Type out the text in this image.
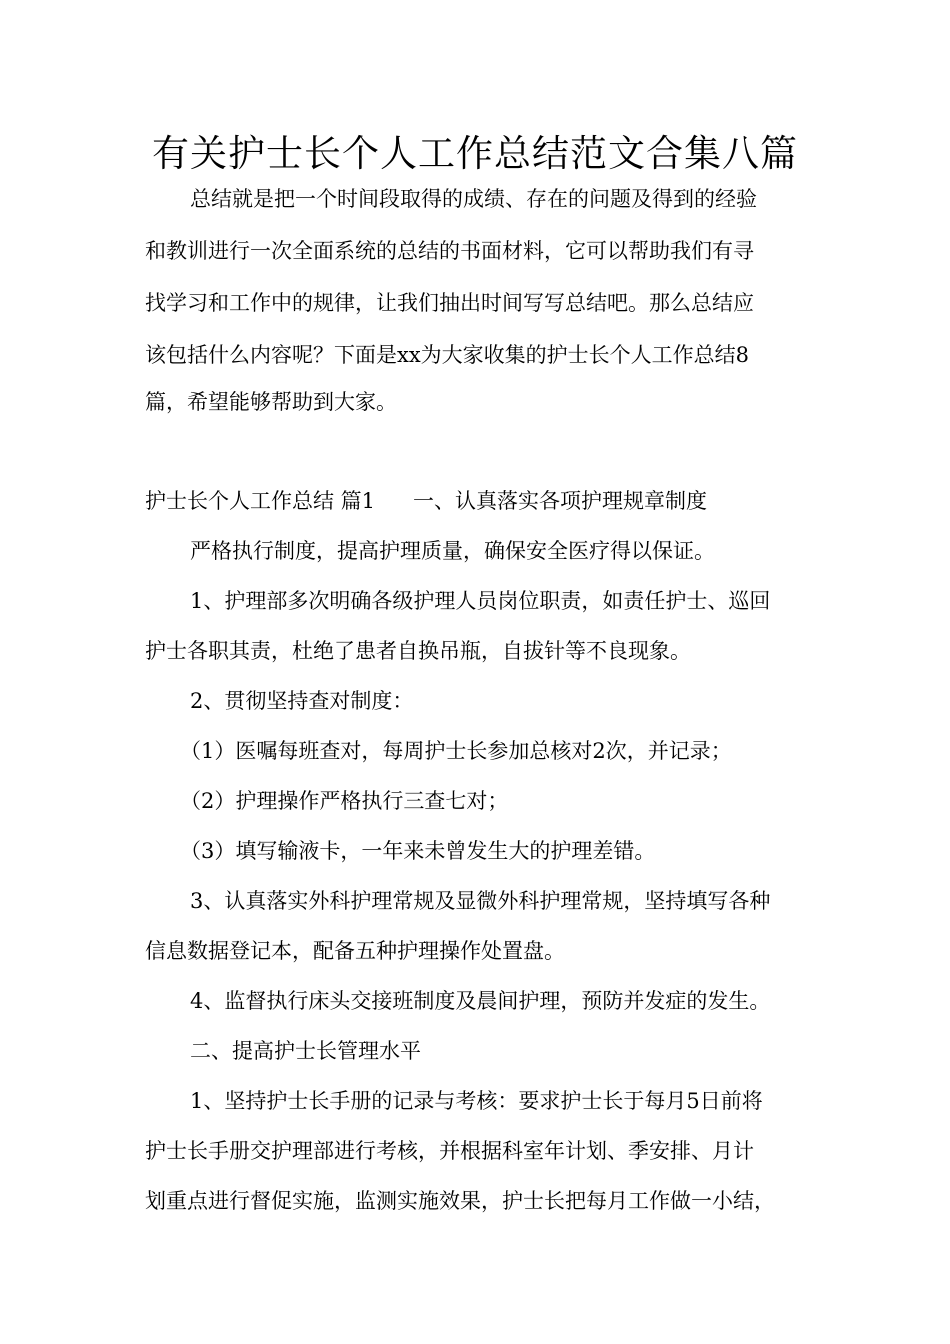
有关护士长个人工作总结范文合集八篇
总结就是把一个时间段取得的成绩、存在的问题及得到的经验
和教训进行一次全面系统的总结的书面材料，它可以帮助我们有寻
找学习和工作中的规律，让我们抽出时间写写总结吧。那么总结应
该包括什么内容呢？下面是xx为大家收集的护士长个人工作总结8
篇，希望能够帮助到大家。
护士长个人工作总结 篇1 一、认真落实各项护理规章制度
严格执行制度，提高护理质量，确保安全医疗得以保证。
1、护理部多次明确各级护理人员岗位职责，如责任护士、巡回
护士各职其责，杜绝了患者自换吊瓶，自拔针等不良现象。
2、贯彻坚持查对制度：
（1）医嘱每班查对，每周护士长参加总核对2次，并记录；
（2）护理操作严格执行三查七对；
（3）填写输液卡，一年来未曾发生大的护理差错。
3、认真落实外科护理常规及显微外科护理常规，坚持填写各种
信息数据登记本，配备五种护理操作处置盘。
4、监督执行床头交接班制度及晨间护理，预防并发症的发生。
二、提高护士长管理水平
1、坚持护士长手册的记录与考核：要求护士长于每月5日前将
护士长手册交护理部进行考核，并根据科室年计划、季安排、月计
划重点进行督促实施，监测实施效果，护士长把每月工作做一小结，
